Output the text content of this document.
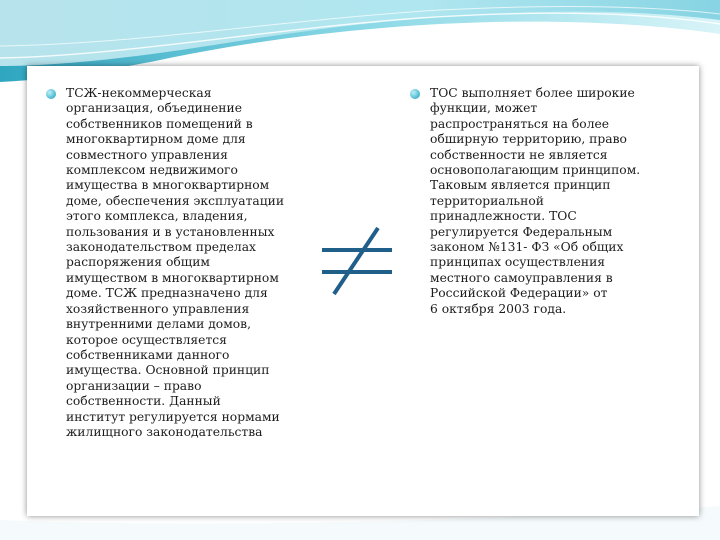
ТСЖ-некоммерческая
организация, объединение
собственников помещений в
многоквартирном доме для
совместного управления
комплексом недвижимого
имущества в многоквартирном
доме, обеспечения эксплуатации
этого комплекса, владения,
пользования и в установленных
законодательством пределах
распоряжения общим
имуществом в многоквартирном
доме. ТСЖ предназначено для
хозяйственного управления
внутренними делами домов,
которое осуществляется
собственниками данного
имущества. Основной принцип
организации – право
собственности. Данный
институт регулируется нормами
жилищного законодательства
ТОС выполняет более широкие
функции, может
распространяться на более
обширную территорию, право
собственности не является
основополагающим принципом.
Таковым является принцип
территориальной
принадлежности. ТОС
регулируется Федеральным
законом №131- ФЗ «Об общих
принципах осуществления
местного самоуправления в
Российской Федерации» от
6 октября 2003 года.
